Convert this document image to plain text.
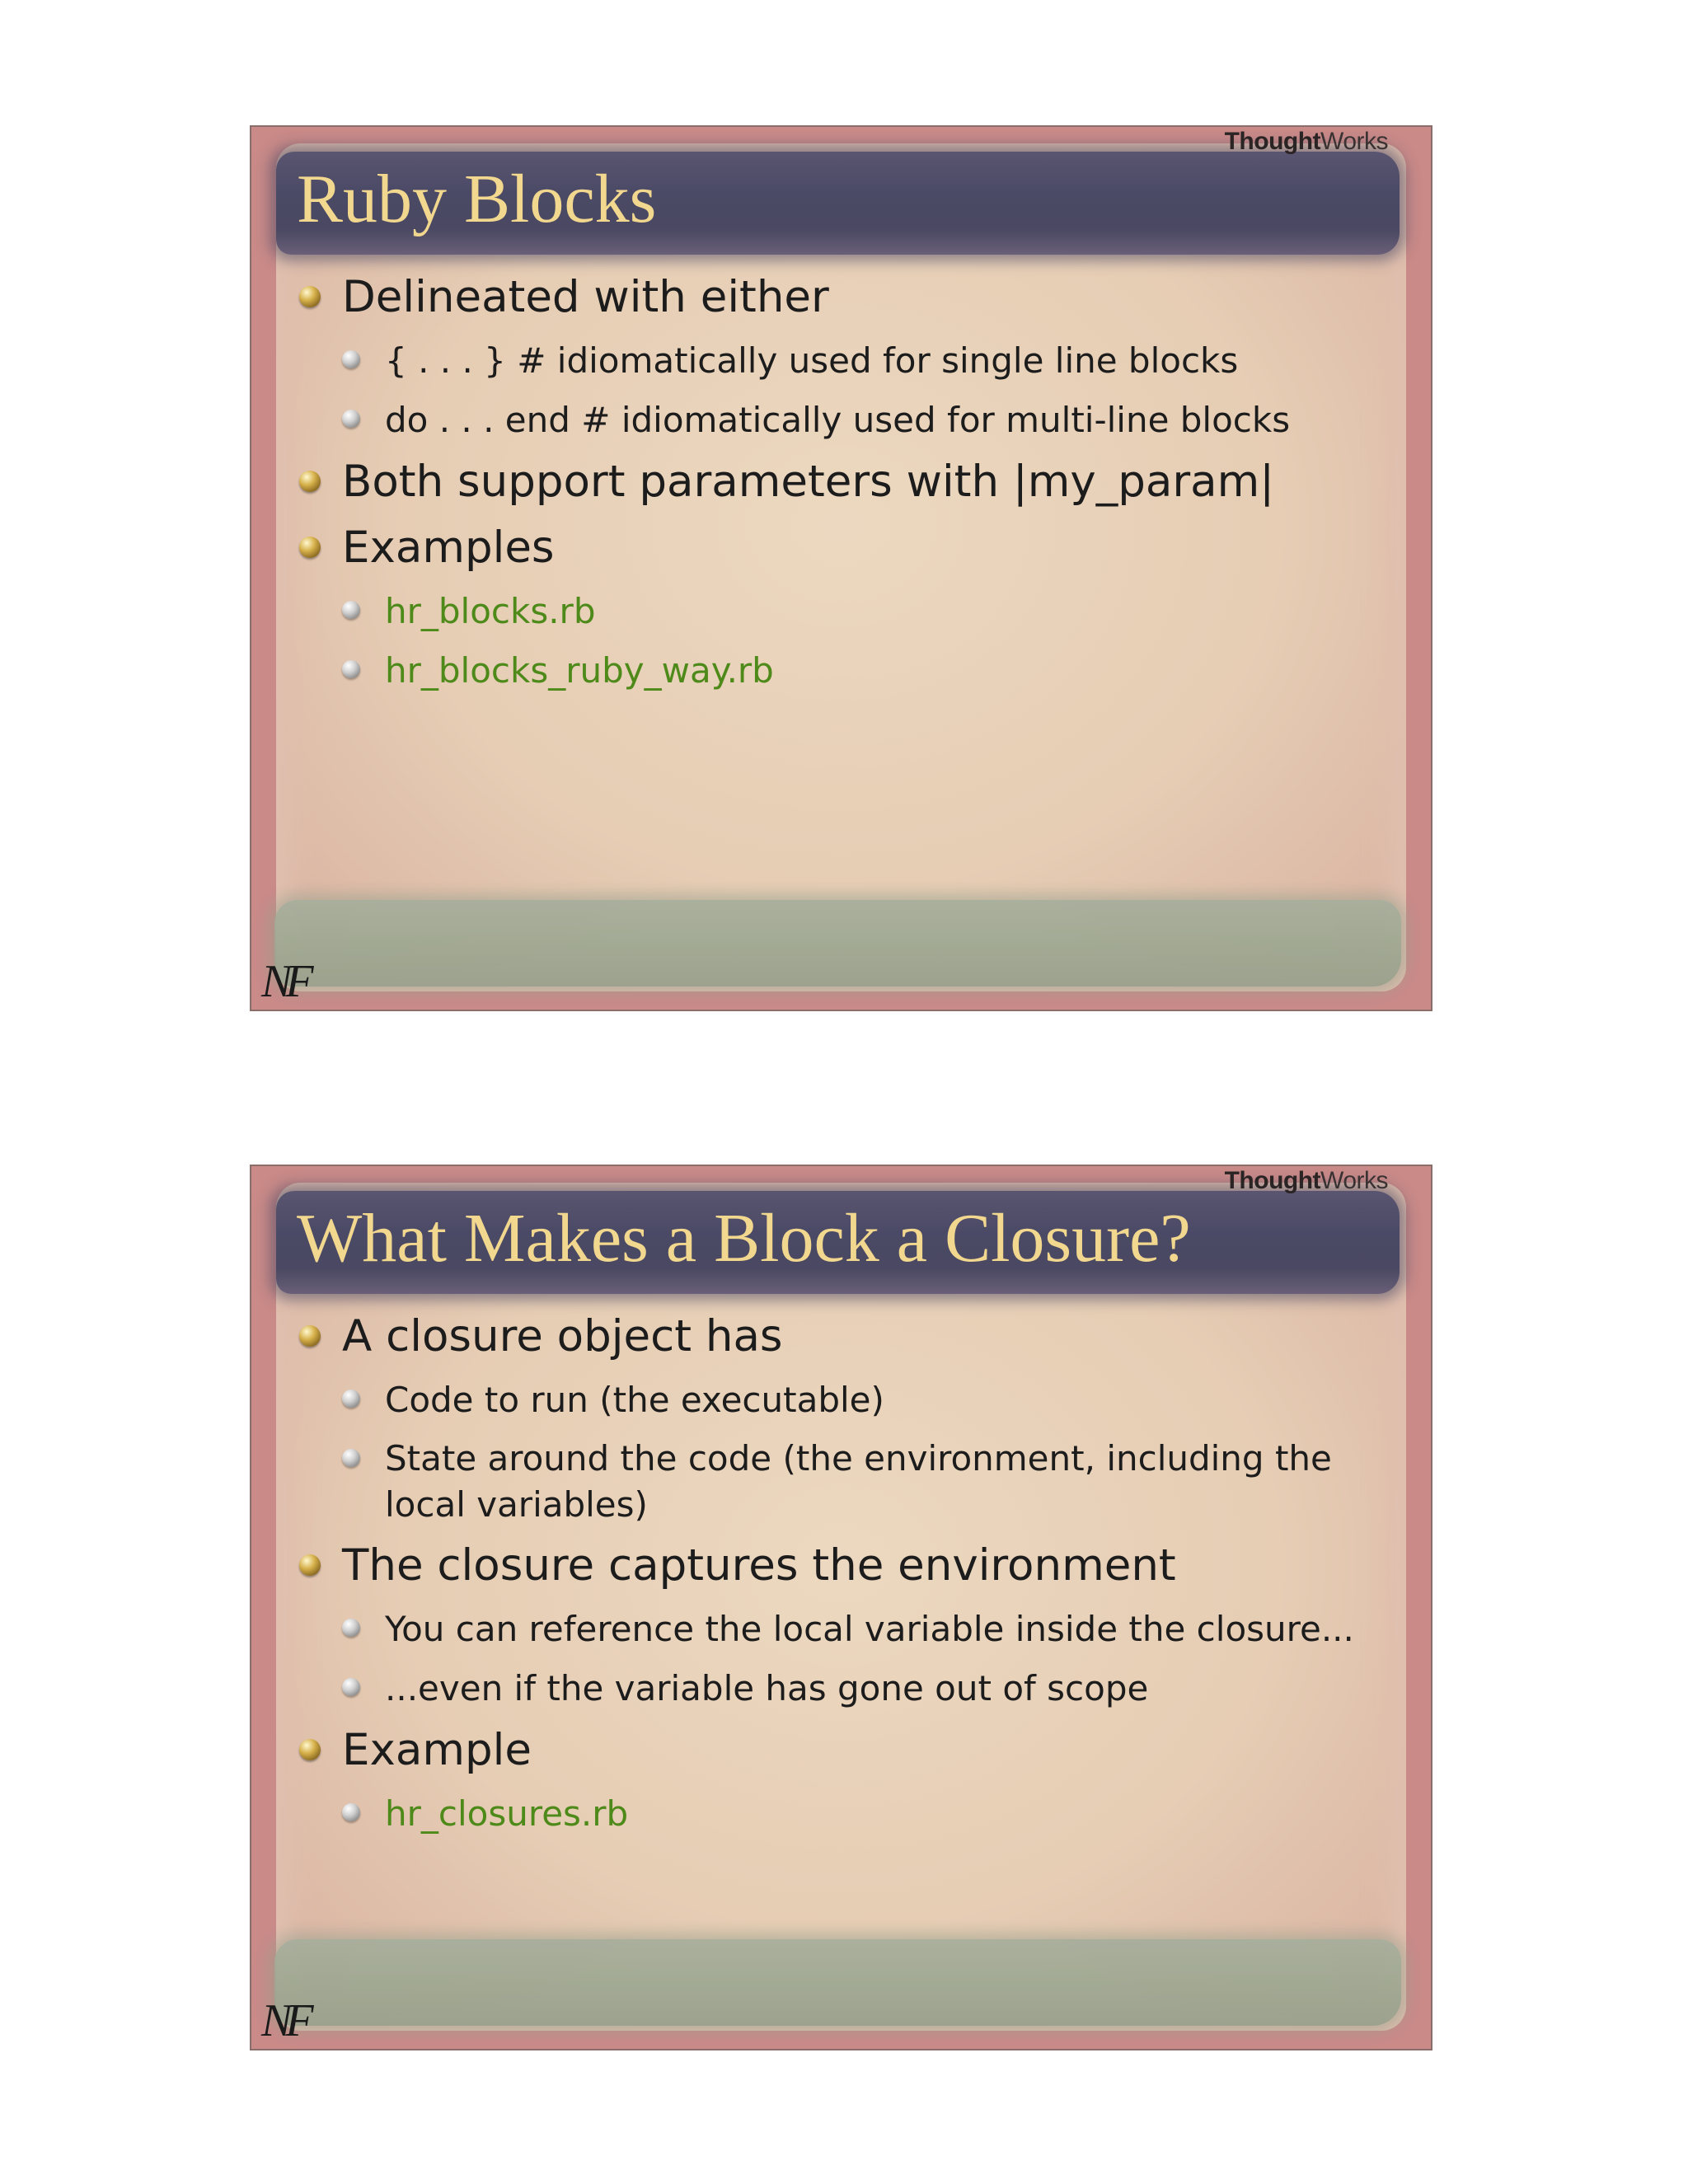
ThoughtWorks
Ruby Blocks
Delineated with either
{ . . . } # idiomatically used for single line blocks
do . . . end # idiomatically used for multi-line blocks
Both support parameters with |my_param|
Examples
hr_blocks.rb
hr_blocks_ruby_way.rb
NF
ThoughtWorks
What Makes a Block a Closure?
A closure object has
Code to run (the executable)
State around the code (the environment, including the local variables)
The closure captures the environment
You can reference the local variable inside the closure...
...even if the variable has gone out of scope
Example
hr_closures.rb
NF
